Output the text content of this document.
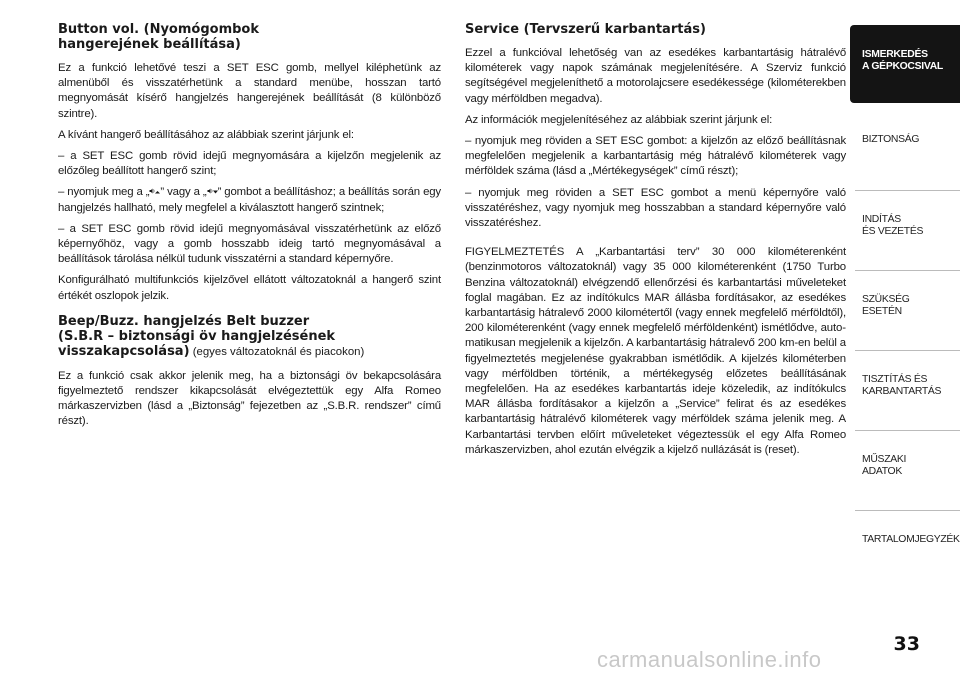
Button vol. (Nyomógombok
hangerejének beállítása)

Ez a funkció lehetővé teszi a SET ESC gomb, mellyel kiléphetünk az almenüből és visszatérhetünk a standard menübe, hosszan tartó megnyomását kísérő hangjelzés hangerejének beállítását (8 különböző szintre).

A kívánt hangerő beállításához az alábbiak szerint járjunk el:

– a SET ESC gomb rövid idejű megnyomására a kijelzőn megjelenik az előzőleg beállított hangerő szint;

– nyomjuk meg a „ ” vagy a „ ” gombot a beállításhoz; a beállítás során egy hangjelzés hallható, mely megfelel a kiválasztott hangerő szintnek;

– a SET ESC gomb rövid idejű megnyomásával visszatérhetünk az előző képernyőhöz, vagy a gomb hosszabb ideig tartó megnyomásával a beállítások tárolása nélkül tudunk visszatérni a standard képernyőre.

Konfigurálható multifunkciós kijelzővel ellátott változatoknál a hangerő szint értékét oszlopok jelzik.

Beep/Buzz. hangjelzés Belt buzzer
(S.B.R – biztonsági öv hangjelzésének
visszakapcsolása) (egyes változatoknál és piacokon)

Ez a funkció csak akkor jelenik meg, ha a biztonsági öv bekapcsolására figyelmeztető rendszer kikapcsolását elvégeztettük egy Alfa Romeo márkaszervizben (lásd a „Biztonság” fejezetben az „S.B.R. rendszer” című részt).

Service (Tervszerű karbantartás)

Ezzel a funkcióval lehetőség van az esedékes karbantartásig hátralévő kilométerek vagy napok számának megjelenítésére. A Szerviz funkció segítségével megjeleníthető a motorolajcsere esedékessége (kilométerekben vagy mérföldben megadva).

Az információk megjelenítéséhez az alábbiak szerint járjunk el:

– nyomjuk meg röviden a SET ESC gombot: a kijelzőn az előző beállításnak megfelelően megjelenik a karbantartásig még hátralévő kilométerek vagy mérföldek száma (lásd a „Mértékegységek” című részt);

– nyomjuk meg röviden a SET ESC gombot a menü képernyőre való visszatéréshez, vagy nyomjuk meg hosszabban a standard képernyőre való visszatéréshez.

FIGYELMEZTETÉS A „Karbantartási terv” 30 000 kilométerenként (benzinmotoros változatoknál) vagy 35 000 kilométerenként (1750 Turbo Benzina változatoknál) elvégzendő ellenőrzési és karbantartási műveleteket foglal magában. Ez az indítókulcs MAR állásba fordításakor, az esedékes karbantartásig hátralevő 2000 kilométertől (vagy ennek megfelelő mérföldtől), 200 kilométerenként (vagy ennek megfelelő mérföldenként) ismétlődve, automatikusan megjelenik a kijelzőn. A karbantartásig hátralevő 200 km-en belül a figyelmeztetés megjelenése gyakrabban ismétlődik. A kijelzés kilométerben vagy mérföldben történik, a mértékegység előzetes beállításának megfelelően. Ha az esedékes karbantartás ideje közeledik, az indítókulcs MAR állásba fordításakor a kijelzőn a „Service” felirat és az esedékes karbantartásig hátralévő kilométerek vagy mérföldek száma jelenik meg. A Karbantartási tervben előírt műveleteket végeztessük el egy Alfa Romeo márkaszervizben, ahol ezután elvégzik a kijelző nullázását is (reset).

ISMERKEDÉS
A GÉPKOCSIVAL
BIZTONSÁG
INDÍTÁS
ÉS VEZETÉS
SZÜKSÉG
ESETÉN
TISZTÍTÁS ÉS
KARBANTARTÁS
MŰSZAKI
ADATOK
TARTALOMJEGYZÉK
33
carmanualsonline.info
